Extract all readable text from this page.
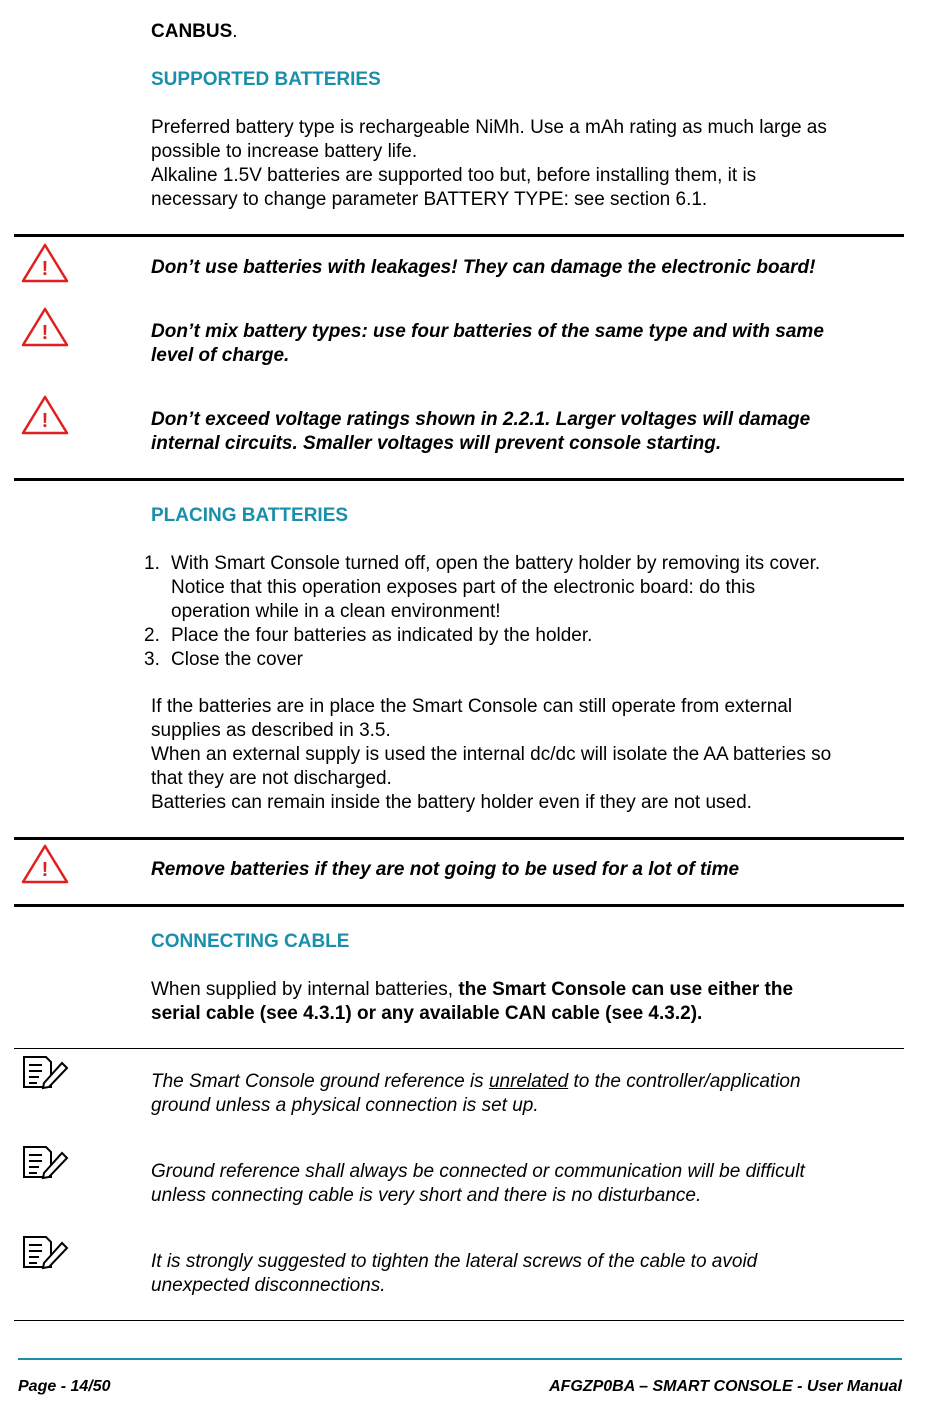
CANBUS.

SUPPORTED BATTERIES

Preferred battery type is rechargeable NiMh. Use a mAh rating as much large as

possible to increase battery life.

Alkaline 1.5V batteries are supported too but, before installing them, it is

necessary to change parameter BATTERY TYPE: see section 6.1.

!	Don’t use batteries with leakages! They can damage the electronic board!

!	Don’t mix battery types: use four batteries of the same type and with same

level of charge.

!	Don’t exceed voltage ratings shown in 2.2.1. Larger voltages will damage

internal circuits. Smaller voltages will prevent console starting.

PLACING BATTERIES

1. With Smart Console turned off, open the battery holder by removing its cover.
Notice that this operation exposes part of the electronic board: do this
operation while in a clean environment!
2. Place the four batteries as indicated by the holder.
3. Close the cover

If the batteries are in place the Smart Console can still operate from external

supplies as described in 3.5.

When an external supply is used the internal dc/dc will isolate the AA batteries so

that they are not discharged.

Batteries can remain inside the battery holder even if they are not used.

!	Remove batteries if they are not going to be used for a lot of time

CONNECTING CABLE

When supplied by internal batteries, the Smart Console can use either the

serial cable (see 4.3.1) or any available CAN cable (see 4.3.2).

The Smart Console ground reference is unrelated to the controller/application

ground unless a physical connection is set up.

Ground reference shall always be connected or communication will be difficult

unless connecting cable is very short and there is no disturbance.

It is strongly suggested to tighten the lateral screws of the cable to avoid

unexpected disconnections.

Page - 14/50	AFGZP0BA – SMART CONSOLE - User Manual
